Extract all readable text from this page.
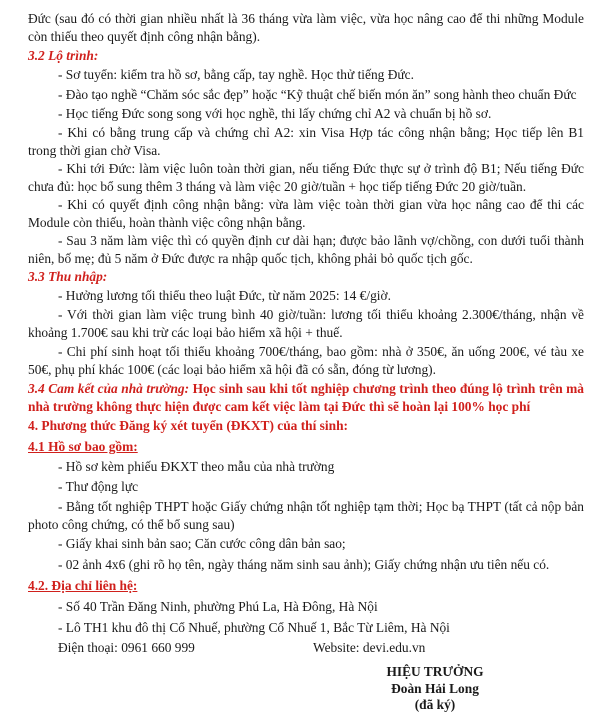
Đức (sau đó có thời gian nhiều nhất là 36 tháng vừa làm việc, vừa học nâng cao để thi những Module còn thiếu theo quyết định công nhận bằng).
3.2 Lộ trình:
- Sơ tuyển: kiểm tra hồ sơ, bằng cấp, tay nghề. Học thử tiếng Đức.
- Đào tạo nghề “Chăm sóc sắc đẹp” hoặc “Kỹ thuật chế biến món ăn” song hành theo chuẩn Đức
- Học tiếng Đức song song với học nghề, thi lấy chứng chỉ A2 và chuẩn bị hồ sơ.
- Khi có bằng trung cấp và chứng chỉ A2: xin Visa Hợp tác công nhận bằng; Học tiếp lên B1 trong thời gian chờ Visa.
- Khi tới Đức: làm việc luôn toàn thời gian, nếu tiếng Đức thực sự ở trình độ B1; Nếu tiếng Đức chưa đủ: học bổ sung thêm 3 tháng và làm việc 20 giờ/tuần + học tiếp tiếng Đức 20 giờ/tuần.
- Khi có quyết định công nhận bằng: vừa làm việc toàn thời gian vừa học nâng cao để thi các Module còn thiếu, hoàn thành việc công nhận bằng.
- Sau 3 năm làm việc thì có quyền định cư dài hạn; được bảo lãnh vợ/chồng, con dưới tuổi thành niên, bố mẹ; đủ 5 năm ở Đức được ra nhập quốc tịch, không phải bỏ quốc tịch gốc.
3.3 Thu nhập:
- Hưởng lương tối thiểu theo luật Đức, từ năm 2025: 14 €/giờ.
- Với thời gian làm việc trung bình 40 giờ/tuần: lương tối thiểu khoảng 2.300€/tháng, nhận về khoảng 1.700€ sau khi trừ các loại bảo hiểm xã hội + thuế.
- Chi phí sinh hoạt tối thiểu khoảng 700€/tháng, bao gồm: nhà ở 350€, ăn uống 200€, vé tàu xe 50€, phụ phí khác 100€ (các loại bảo hiểm xã hội đã có sẵn, đóng từ lương).
3.4 Cam kết của nhà trường: Học sinh sau khi tốt nghiệp chương trình theo đúng lộ trình trên mà nhà trường không thực hiện được cam kết việc làm tại Đức thì sẽ hoàn lại 100% học phí
4. Phương thức Đăng ký xét tuyển (ĐKXT) của thí sinh:
4.1 Hồ sơ bao gồm:
- Hồ sơ kèm phiếu ĐKXT theo mẫu của nhà trường
- Thư động lực
- Bằng tốt nghiệp THPT hoặc Giấy chứng nhận tốt nghiệp tạm thời; Học bạ THPT (tất cả nộp bản photo công chứng, có thể bổ sung sau)
- Giấy khai sinh bản sao; Căn cước công dân bản sao;
- 02 ảnh 4x6 (ghi rõ họ tên, ngày tháng năm sinh sau ảnh); Giấy chứng nhận ưu tiên nếu có.
4.2. Địa chỉ liên hệ:
- Số 40 Trần Đăng Ninh, phường Phú La, Hà Đông, Hà Nội
- Lô TH1 khu đô thị Cổ Nhuế, phường Cổ Nhuế 1, Bắc Từ Liêm, Hà Nội
Điện thoại: 0961 660 999	Website: devi.edu.vn
HIỆU TRƯỞNG
Đoàn Hải Long
(đã ký)
